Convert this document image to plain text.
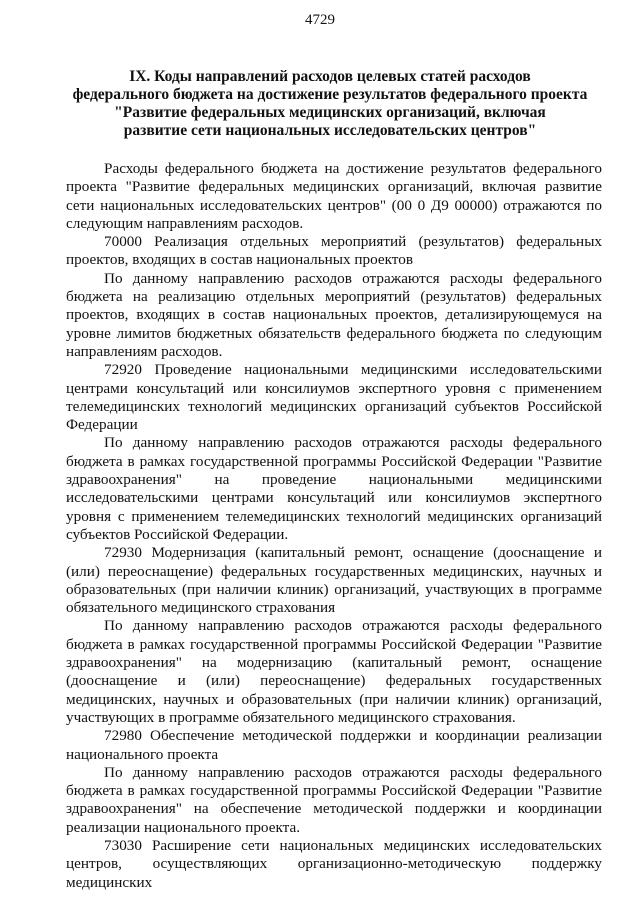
4729
IX. Коды направлений расходов целевых статей расходов
федерального бюджета на достижение результатов федерального проекта
"Развитие федеральных медицинских организаций, включая
развитие сети национальных исследовательских центров"

Расходы федерального бюджета на достижение результатов федерального проекта "Развитие федеральных медицинских организаций, включая развитие сети национальных исследовательских центров" (00 0 Д9 00000) отражаются по следующим направлениям расходов.

70000 Реализация отдельных мероприятий (результатов) федеральных проектов, входящих в состав национальных проектов

По данному направлению расходов отражаются расходы федерального бюджета на реализацию отдельных мероприятий (результатов) федеральных проектов, входящих в состав национальных проектов, детализирующемуся на уровне лимитов бюджетных обязательств федерального бюджета по следующим направлениям расходов.

72920 Проведение национальными медицинскими исследовательскими центрами консультаций или консилиумов экспертного уровня с применением телемедицинских технологий медицинских организаций субъектов Российской Федерации

По данному направлению расходов отражаются расходы федерального бюджета в рамках государственной программы Российской Федерации "Развитие здравоохранения" на проведение национальными медицинскими исследовательскими центрами консультаций или консилиумов экспертного уровня с применением телемедицинских технологий медицинских организаций субъектов Российской Федерации.

72930 Модернизация (капитальный ремонт, оснащение (дооснащение и (или) переоснащение) федеральных государственных медицинских, научных и образовательных (при наличии клиник) организаций, участвующих в программе обязательного медицинского страхования

По данному направлению расходов отражаются расходы федерального бюджета в рамках государственной программы Российской Федерации "Развитие здравоохранения" на модернизацию (капитальный ремонт, оснащение (дооснащение и (или) переоснащение) федеральных государственных медицинских, научных и образовательных (при наличии клиник) организаций, участвующих в программе обязательного медицинского страхования.

72980 Обеспечение методической поддержки и координации реализации национального проекта

По данному направлению расходов отражаются расходы федерального бюджета в рамках государственной программы Российской Федерации "Развитие здравоохранения" на обеспечение методической поддержки и координации реализации национального проекта.

73030 Расширение сети национальных медицинских исследовательских центров, осуществляющих организационно-методическую поддержку медицинских
